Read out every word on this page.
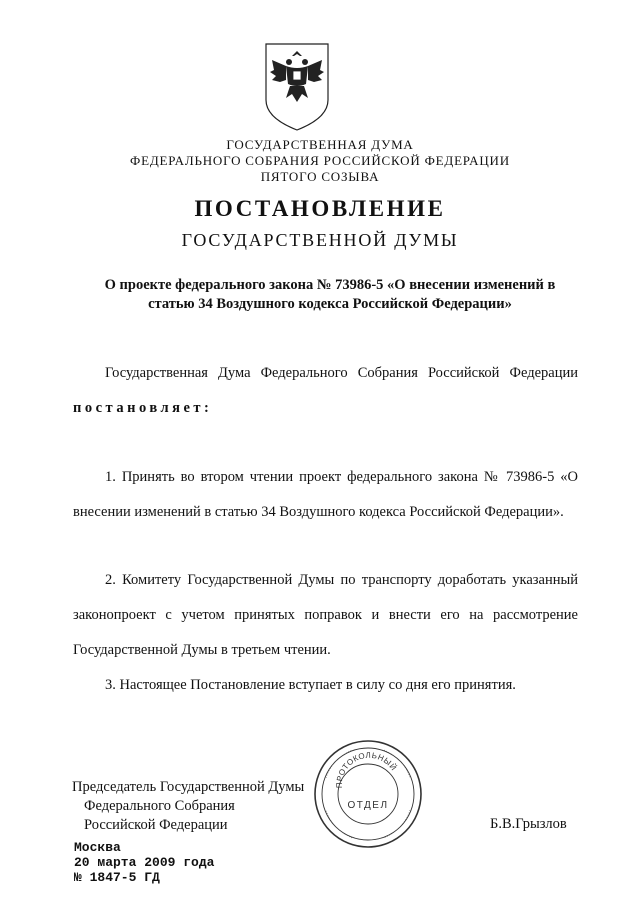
ГОСУДАРСТВЕННАЯ ДУМА
ФЕДЕРАЛЬНОГО СОБРАНИЯ РОССИЙСКОЙ ФЕДЕРАЦИИ
ПЯТОГО СОЗЫВА
ПОСТАНОВЛЕНИЕ
ГОСУДАРСТВЕННОЙ ДУМЫ
О проекте федерального закона № 73986-5 «О внесении изменений в
статью 34 Воздушного кодекса Российской Федерации»
Государственная Дума Федерального Собрания Российской Федерации постановляет:
1. Принять во втором чтении проект федерального закона № 73986-5 «О внесении изменений в статью 34 Воздушного кодекса Российской Федерации».
2. Комитету Государственной Думы по транспорту доработать указанный законопроект с учетом принятых поправок и внести его на рассмотрение Государственной Думы в третьем чтении.
3. Настоящее Постановление вступает в силу со дня его принятия.
ПРОТОКОЛЬНЫЙ
ОТДЕЛ
Председатель Государственной Думы
Федерального Собрания
Российской Федерации	Б.В.Грызлов
Москва
20 марта 2009 года
№ 1847-5 ГД
